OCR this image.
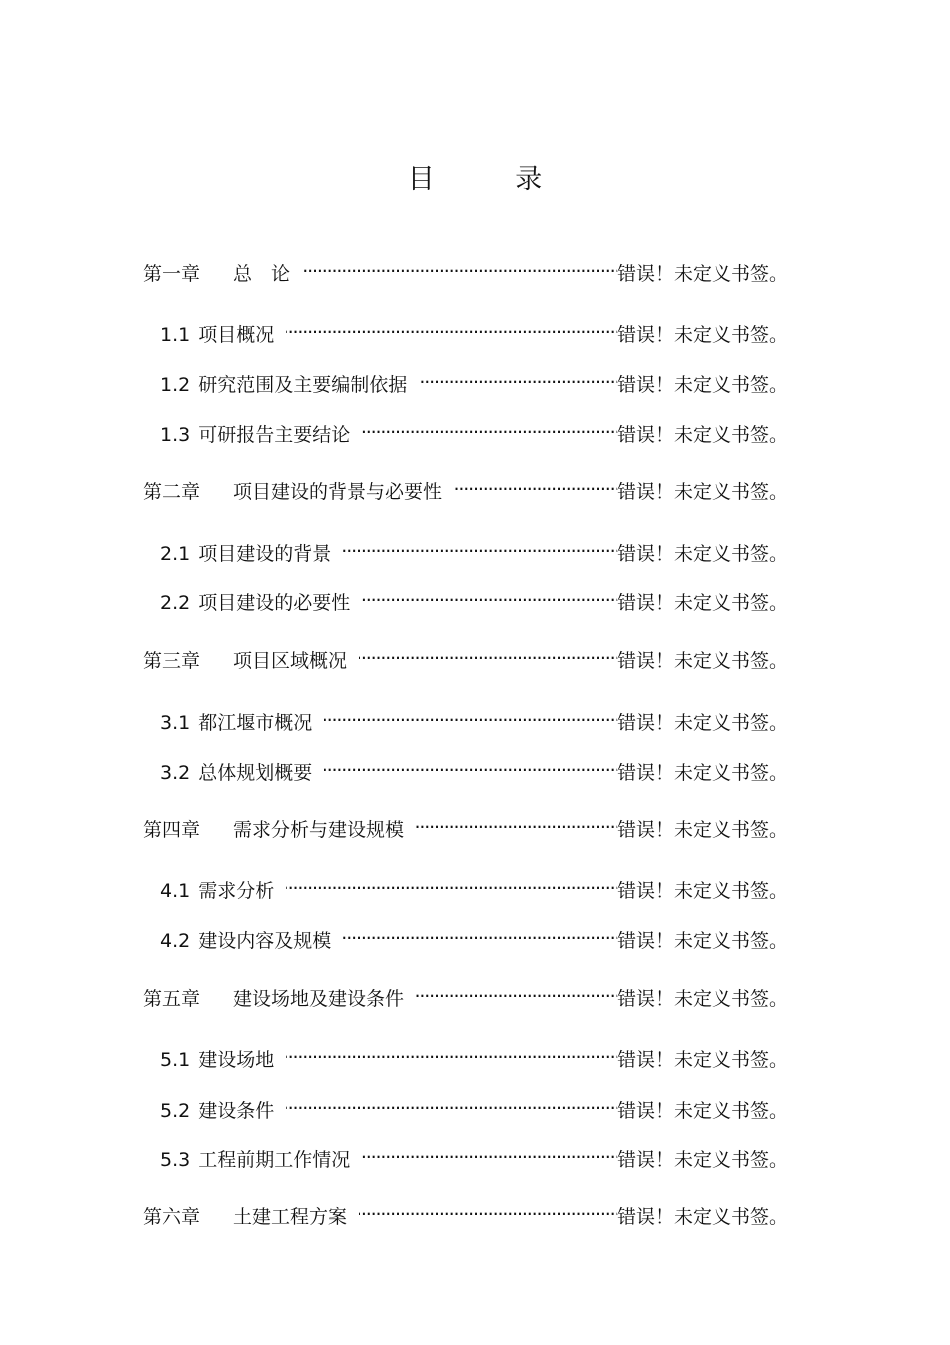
目 录
第一章	总　论 . . .	错误！未定义书签。
1.1 项目概况 . . .	错误！未定义书签。
1.2 研究范围及主要编制依据 . . .	错误！未定义书签。
1.3 可研报告主要结论 . . .	错误！未定义书签。
第二章	项目建设的背景与必要性 . . .	错误！未定义书签。
2.1 项目建设的背景 . . .	错误！未定义书签。
2.2 项目建设的必要性 . . .	错误！未定义书签。
第三章	项目区域概况 . . .	错误！未定义书签。
3.1 都江堰市概况 . . .	错误！未定义书签。
3.2 总体规划概要 . . .	错误！未定义书签。
第四章	需求分析与建设规模 . . .	错误！未定义书签。
4.1 需求分析 . . .	错误！未定义书签。
4.2 建设内容及规模 . . .	错误！未定义书签。
第五章	建设场地及建设条件 . . .	错误！未定义书签。
5.1 建设场地 . . .	错误！未定义书签。
5.2 建设条件 . . .	错误！未定义书签。
5.3 工程前期工作情况 . . .	错误！未定义书签。
第六章	土建工程方案 . . .	错误！未定义书签。
